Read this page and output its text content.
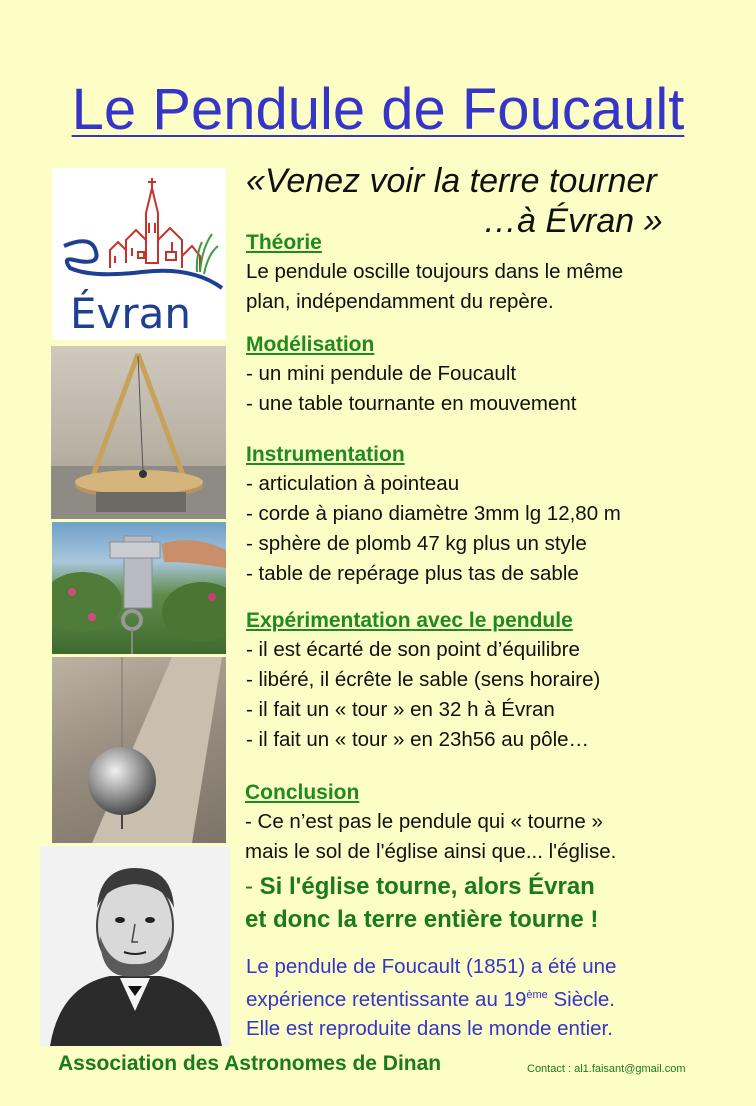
Le Pendule de Foucault
«Venez voir la terre tourner
…à Évran »
Évran
Théorie
Le pendule oscille toujours dans le même
plan, indépendamment du repère.
Modélisation
- un mini pendule de Foucault
- une table tournante en mouvement
Instrumentation
- articulation à pointeau
- corde à piano diamètre 3mm lg 12,80 m
- sphère de plomb 47 kg plus un style
- table de repérage plus tas de sable
Expérimentation avec le pendule
- il est écarté de son point d’équilibre
- libéré, il écrête le sable (sens horaire)
- il fait un « tour » en 32 h à Évran
- il fait un « tour » en 23h56 au pôle…
Conclusion
- Ce n’est pas le pendule qui « tourne »
mais le sol de l'église ainsi que... l'église.
- Si l'église tourne, alors Évran
et donc la terre entière tourne !
Le pendule de Foucault (1851) a été une
expérience retentissante au 19ème Siècle.
Elle est reproduite dans le monde entier.
Association des Astronomes de Dinan	Contact : al1.faisant@gmail.com
